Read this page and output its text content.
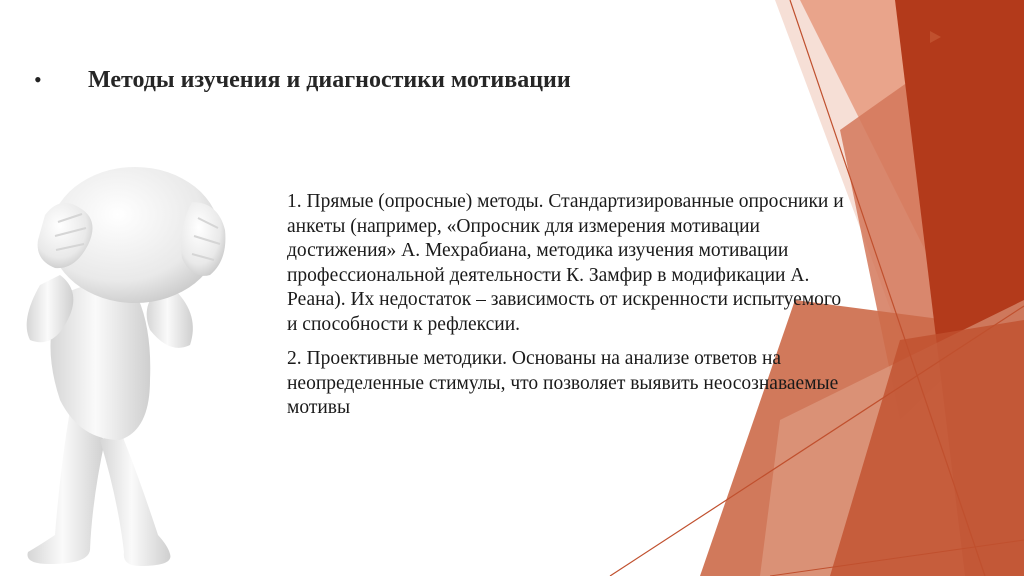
• Методы изучения и диагностики мотивации

1. Прямые (опросные) методы. Стандартизированные опросники и анкеты (например, «Опросник для измерения мотивации достижения» А. Мехрабиана, методика изучения мотивации профессиональной деятельности К. Замфир в модификации А. Реана). Их недостаток – зависимость от искренности испытуемого и способности к рефлексии.

2. Проективные методики. Основаны на анализе ответов на неопределенные стимулы, что позволяет выявить неосознаваемые мотивы
